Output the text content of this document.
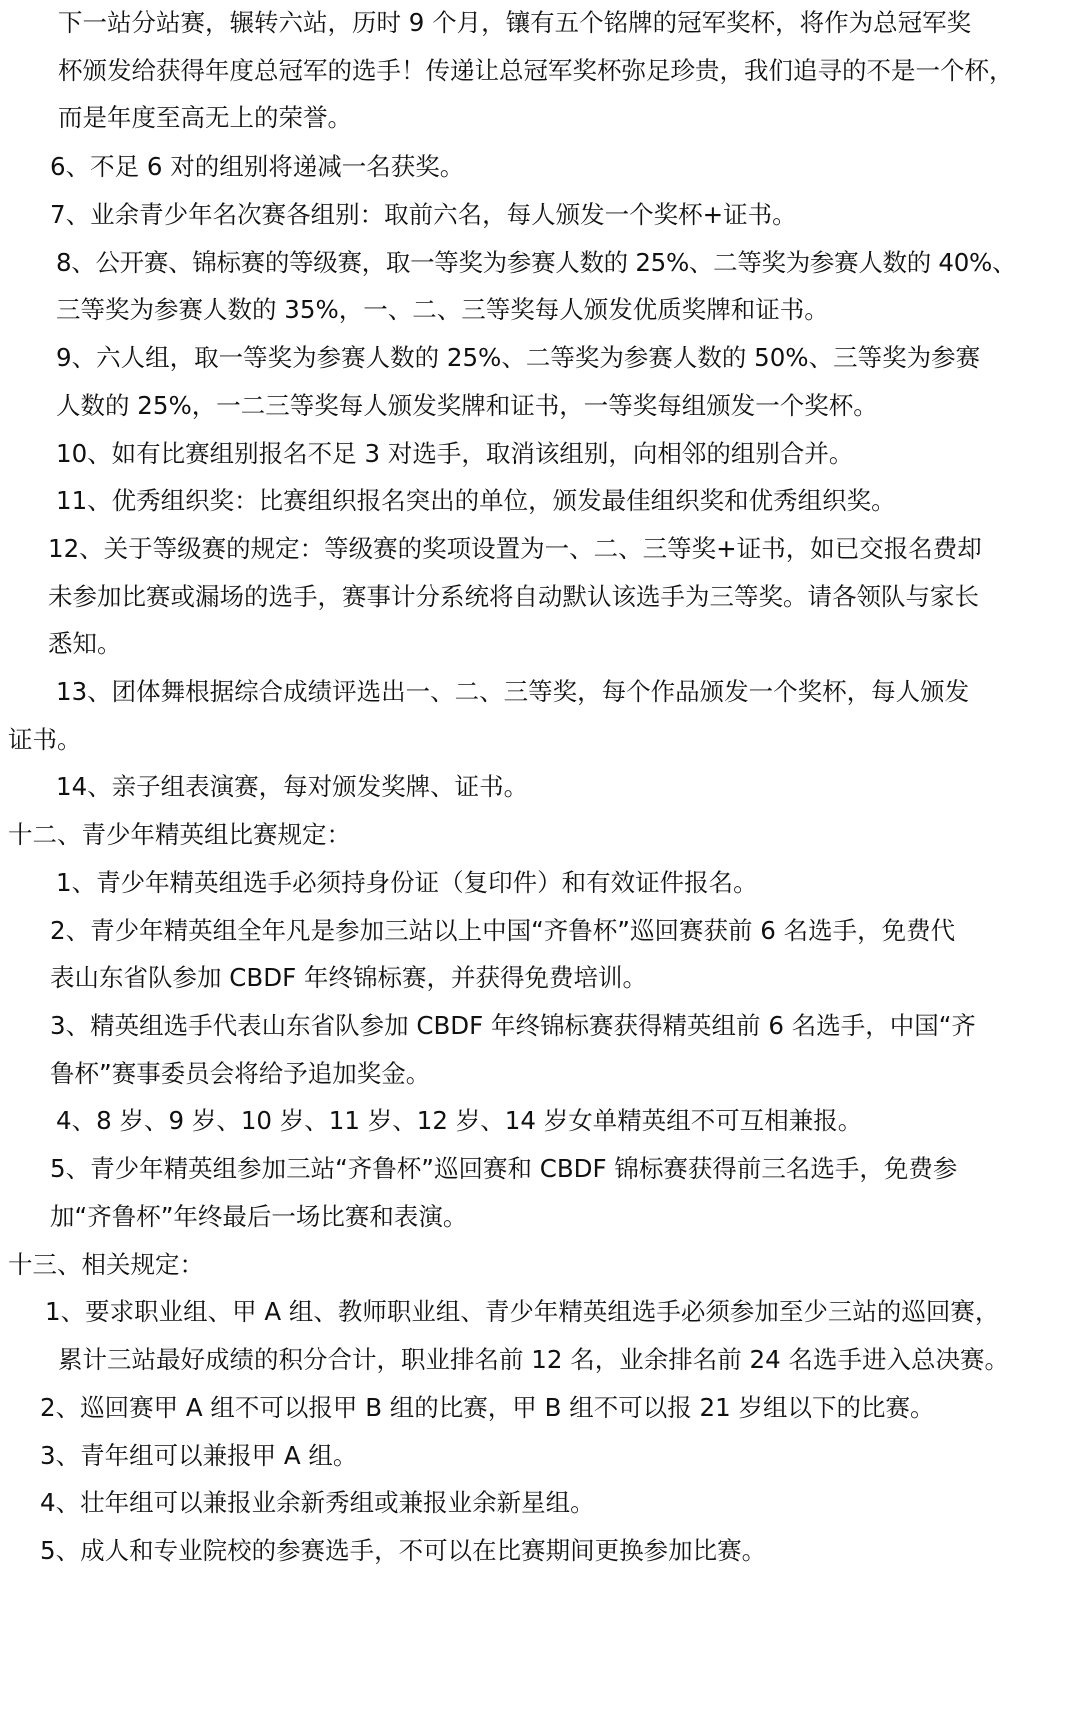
下一站分站赛，辗转六站，历时 9 个月，镶有五个铭牌的冠军奖杯，将作为总冠军奖
杯颁发给获得年度总冠军的选手！传递让总冠军奖杯弥足珍贵，我们追寻的不是一个杯，
而是年度至高无上的荣誉。
6、不足 6 对的组别将递减一名获奖。
7、业余青少年名次赛各组别：取前六名，每人颁发一个奖杯+证书。
8、公开赛、锦标赛的等级赛，取一等奖为参赛人数的 25%、二等奖为参赛人数的 40%、
三等奖为参赛人数的 35%，一、二、三等奖每人颁发优质奖牌和证书。
9、六人组，取一等奖为参赛人数的 25%、二等奖为参赛人数的 50%、三等奖为参赛
人数的 25%，一二三等奖每人颁发奖牌和证书，一等奖每组颁发一个奖杯。
10、如有比赛组别报名不足 3 对选手，取消该组别，向相邻的组别合并。
11、优秀组织奖：比赛组织报名突出的单位，颁发最佳组织奖和优秀组织奖。
12、关于等级赛的规定：等级赛的奖项设置为一、二、三等奖+证书，如已交报名费却
未参加比赛或漏场的选手，赛事计分系统将自动默认该选手为三等奖。请各领队与家长
悉知。
13、团体舞根据综合成绩评选出一、二、三等奖，每个作品颁发一个奖杯，每人颁发
证书。
14、亲子组表演赛，每对颁发奖牌、证书。
十二、青少年精英组比赛规定：
1、青少年精英组选手必须持身份证（复印件）和有效证件报名。
2、青少年精英组全年凡是参加三站以上中国“齐鲁杯”巡回赛获前 6 名选手，免费代
表山东省队参加 CBDF 年终锦标赛，并获得免费培训。
3、精英组选手代表山东省队参加 CBDF 年终锦标赛获得精英组前 6 名选手，中国“齐
鲁杯”赛事委员会将给予追加奖金。
4、8 岁、9 岁、10 岁、11 岁、12 岁、14 岁女单精英组不可互相兼报。
5、青少年精英组参加三站“齐鲁杯”巡回赛和 CBDF 锦标赛获得前三名选手，免费参
加“齐鲁杯”年终最后一场比赛和表演。
十三、相关规定：
1、要求职业组、甲 A 组、教师职业组、青少年精英组选手必须参加至少三站的巡回赛，
累计三站最好成绩的积分合计，职业排名前 12 名，业余排名前 24 名选手进入总决赛。
2、巡回赛甲 A 组不可以报甲 B 组的比赛，甲 B 组不可以报 21 岁组以下的比赛。
3、青年组可以兼报甲 A 组。
4、壮年组可以兼报业余新秀组或兼报业余新星组。
5、成人和专业院校的参赛选手，不可以在比赛期间更换参加比赛。
